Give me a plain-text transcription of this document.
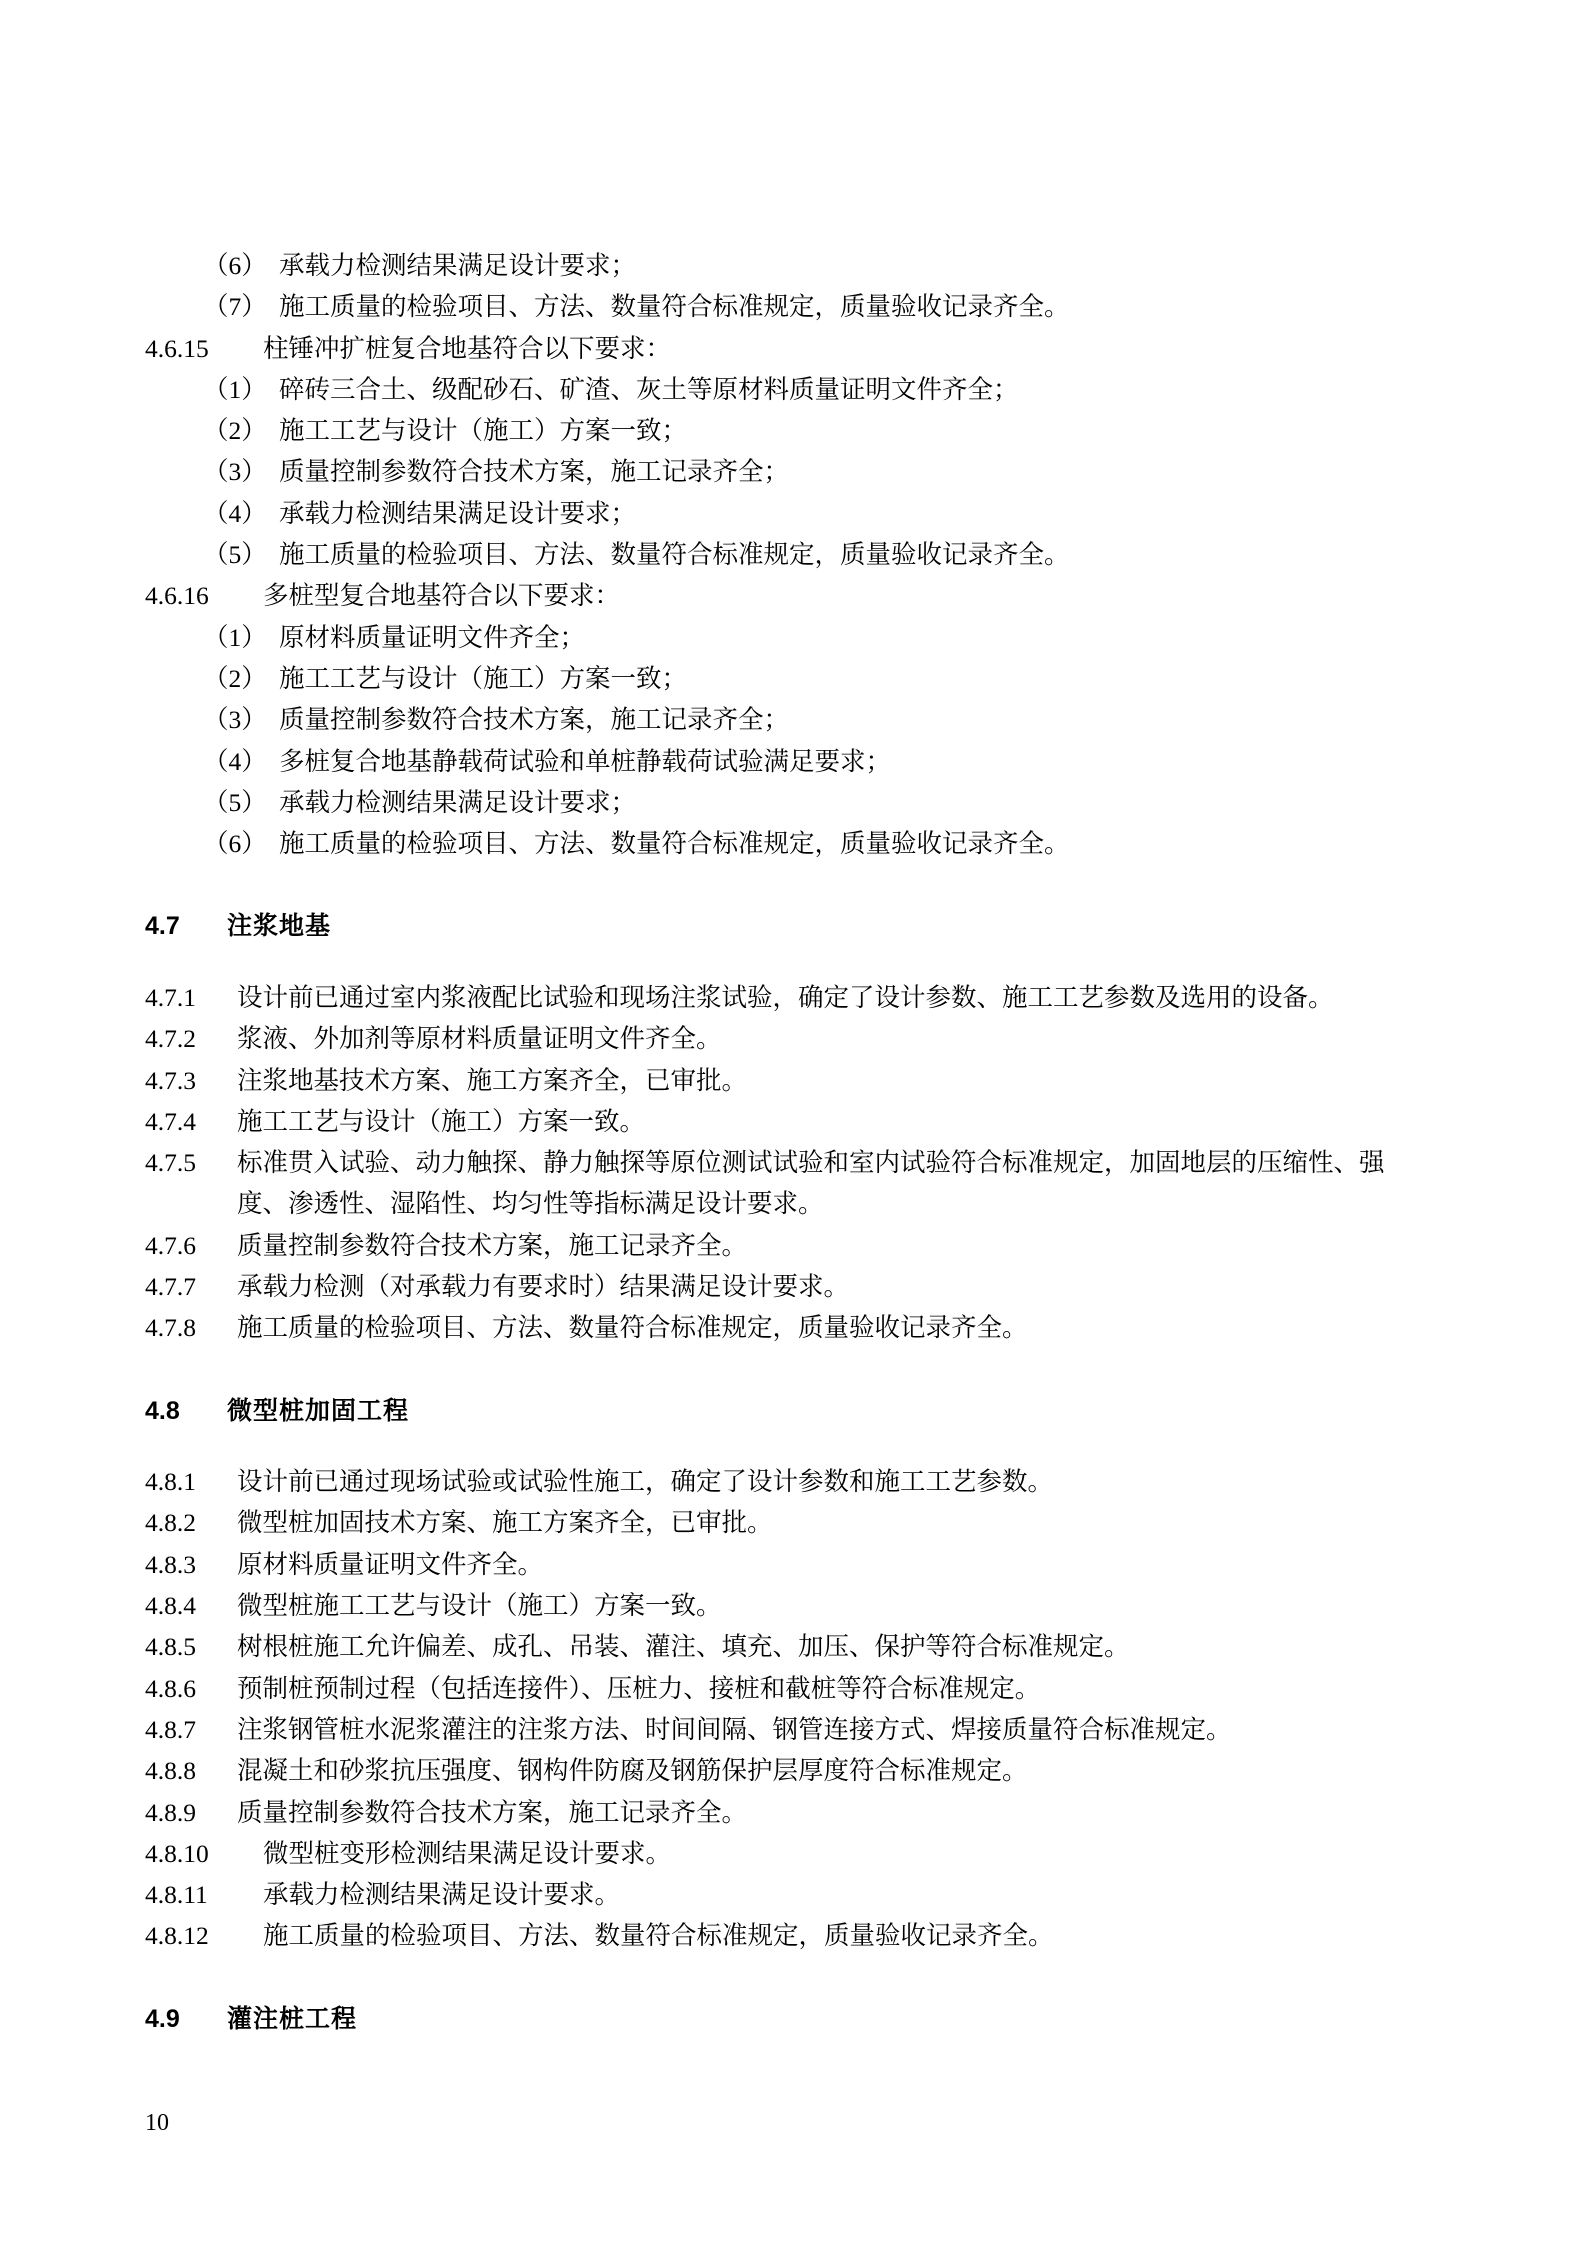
（6） 承载力检测结果满足设计要求；
（7） 施工质量的检验项目、方法、数量符合标准规定，质量验收记录齐全。
4.6.15	柱锤冲扩桩复合地基符合以下要求：
（1） 碎砖三合土、级配砂石、矿渣、灰土等原材料质量证明文件齐全；
（2） 施工工艺与设计（施工）方案一致；
（3） 质量控制参数符合技术方案，施工记录齐全；
（4） 承载力检测结果满足设计要求；
（5） 施工质量的检验项目、方法、数量符合标准规定，质量验收记录齐全。
4.6.16	多桩型复合地基符合以下要求：
（1） 原材料质量证明文件齐全；
（2） 施工工艺与设计（施工）方案一致；
（3） 质量控制参数符合技术方案，施工记录齐全；
（4） 多桩复合地基静载荷试验和单桩静载荷试验满足要求；
（5） 承载力检测结果满足设计要求；
（6） 施工质量的检验项目、方法、数量符合标准规定，质量验收记录齐全。
4.7	注浆地基
4.7.1	设计前已通过室内浆液配比试验和现场注浆试验，确定了设计参数、施工工艺参数及选用的设备。
4.7.2	浆液、外加剂等原材料质量证明文件齐全。
4.7.3	注浆地基技术方案、施工方案齐全，已审批。
4.7.4	施工工艺与设计（施工）方案一致。
4.7.5	标准贯入试验、动力触探、静力触探等原位测试试验和室内试验符合标准规定，加固地层的压缩性、强度、渗透性、湿陷性、均匀性等指标满足设计要求。
4.7.6	质量控制参数符合技术方案，施工记录齐全。
4.7.7	承载力检测（对承载力有要求时）结果满足设计要求。
4.7.8	施工质量的检验项目、方法、数量符合标准规定，质量验收记录齐全。
4.8	微型桩加固工程
4.8.1	设计前已通过现场试验或试验性施工，确定了设计参数和施工工艺参数。
4.8.2	微型桩加固技术方案、施工方案齐全，已审批。
4.8.3	原材料质量证明文件齐全。
4.8.4	微型桩施工工艺与设计（施工）方案一致。
4.8.5	树根桩施工允许偏差、成孔、吊装、灌注、填充、加压、保护等符合标准规定。
4.8.6	预制桩预制过程（包括连接件）、压桩力、接桩和截桩等符合标准规定。
4.8.7	注浆钢管桩水泥浆灌注的注浆方法、时间间隔、钢管连接方式、焊接质量符合标准规定。
4.8.8	混凝土和砂浆抗压强度、钢构件防腐及钢筋保护层厚度符合标准规定。
4.8.9	质量控制参数符合技术方案，施工记录齐全。
4.8.10	微型桩变形检测结果满足设计要求。
4.8.11	承载力检测结果满足设计要求。
4.8.12	施工质量的检验项目、方法、数量符合标准规定，质量验收记录齐全。
4.9	灌注桩工程
10
